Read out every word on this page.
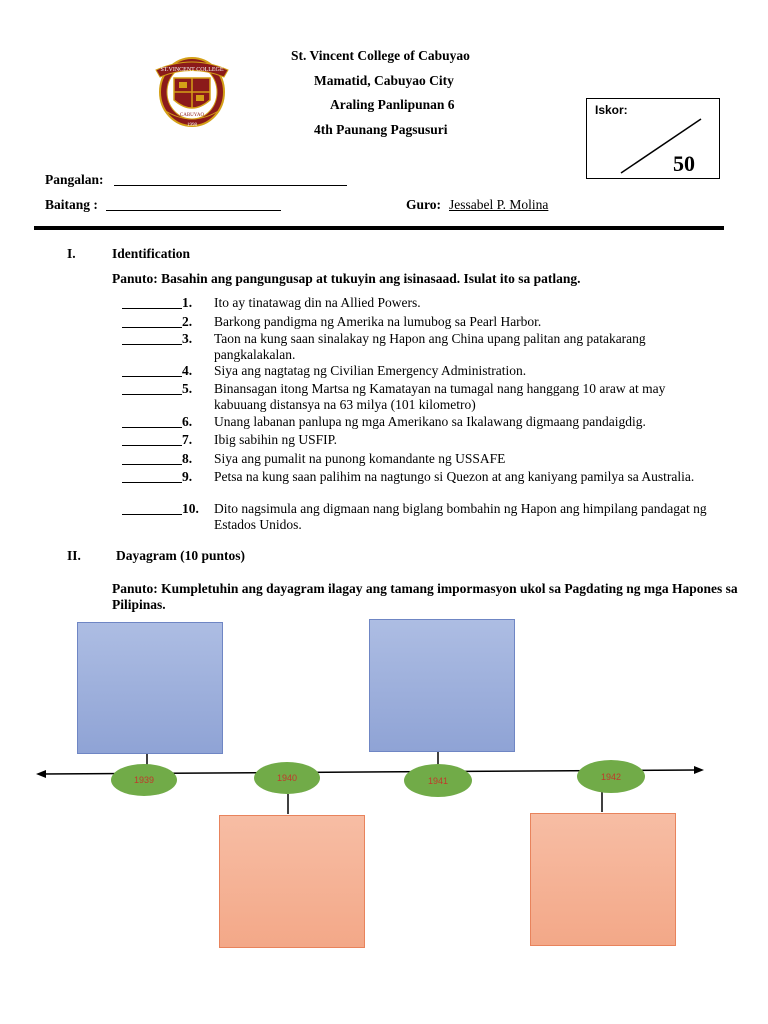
ST.VINCENT COLLEGE
1998
CABUYAO
St. Vincent College of Cabuyao
Mamatid, Cabuyao City
Araling Panlipunan 6
4th Paunang Pagsusuri
Iskor:
50
Pangalan:
Baitang :	Guro: Jessabel P. Molina
I.	Identification
Panuto: Basahin ang pangungusap at tukuyin ang isinasaad. Isulat ito sa patlang.
1. Ito ay tinatawag din na Allied Powers.
2. Barkong pandigma ng Amerika na lumubog sa Pearl Harbor.
3. Taon na kung saan sinalakay ng Hapon ang China upang palitan ang patakarang pangkalakalan.
4. Siya ang nagtatag ng Civilian Emergency Administration.
5. Binansagan itong Martsa ng Kamatayan na tumagal nang hanggang 10 araw at may kabuuang distansya na 63 milya (101 kilometro)
6. Unang labanan panlupa ng mga Amerikano sa Ikalawang digmaang pandaigdig.
7. Ibig sabihin ng USFIP.
8. Siya ang pumalit na punong komandante ng USSAFE
9. Petsa na kung saan palihim na nagtungo si Quezon at ang kaniyang pamilya sa Australia.
10. Dito nagsimula ang digmaan nang biglang bombahin ng Hapon ang himpilang pandagat ng Estados Unidos.
II.	Dayagram (10 puntos)
Panuto: Kumpletuhin ang dayagram ilagay ang tamang impormasyon ukol sa Pagdating ng mga Hapones sa Pilipinas.
1939	1940	1941	1942
